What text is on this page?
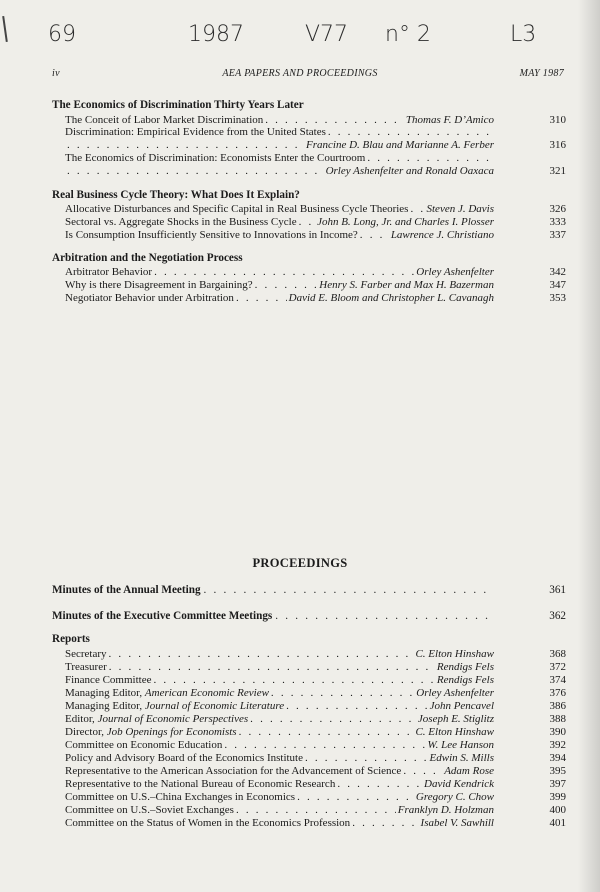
69	1987	V77 n° 2	L3
iv	AEA PAPERS AND PROCEEDINGS	MAY 1987
The Economics of Discrimination Thirty Years Later
The Conceit of Labor Market Discrimination . . .	Thomas F. D’Amico	310
Discrimination: Empirical Evidence from the United States
. . .
. . .
Francine D. Blau and Marianne A. Ferber	316
The Economics of Discrimination: Economists Enter the Courtroom
. . .
. . .
Orley Ashenfelter and Ronald Oaxaca	321
Real Business Cycle Theory: What Does It Explain?
Allocative Disturbances and Specific Capital in Real Business Cycle Theories . . . Steven J. Davis	326
Sectoral vs. Aggregate Shocks in the Business Cycle . . . John B. Long, Jr. and Charles I. Plosser	333
Is Consumption Insufficiently Sensitive to Innovations in Income? . . .	Lawrence J. Christiano	337
Arbitration and the Negotiation Process
Arbitrator Behavior . . .	Orley Ashenfelter	342
Why is there Disagreement in Bargaining? . . .	Henry S. Farber and Max H. Bazerman	347
Negotiator Behavior under Arbitration . . .	David E. Bloom and Christopher L. Cavanagh	353
PROCEEDINGS
Minutes of the Annual Meeting . . .	361
Minutes of the Executive Committee Meetings . . .	362
Reports
Secretary . . .	C. Elton Hinshaw	368
Treasurer . . .	Rendigs Fels	372
Finance Committee . . .	Rendigs Fels	374
Managing Editor, American Economic Review . . .	Orley Ashenfelter	376
Managing Editor, Journal of Economic Literature . . .	John Pencavel	386
Editor, Journal of Economic Perspectives . . .	Joseph E. Stiglitz	388
Director, Job Openings for Economists . . .	C. Elton Hinshaw	390
Committee on Economic Education . . .	W. Lee Hanson	392
Policy and Advisory Board of the Economics Institute . . .	Edwin S. Mills	394
Representative to the American Association for the Advancement of Science . . .	Adam Rose	395
Representative to the National Bureau of Economic Research . . .	David Kendrick	397
Committee on U.S.–China Exchanges in Economics . . .	Gregory C. Chow	399
Committee on U.S.–Soviet Exchanges . . .	Franklyn D. Holzman	400
Committee on the Status of Women in the Economics Profession . . .	Isabel V. Sawhill	401
